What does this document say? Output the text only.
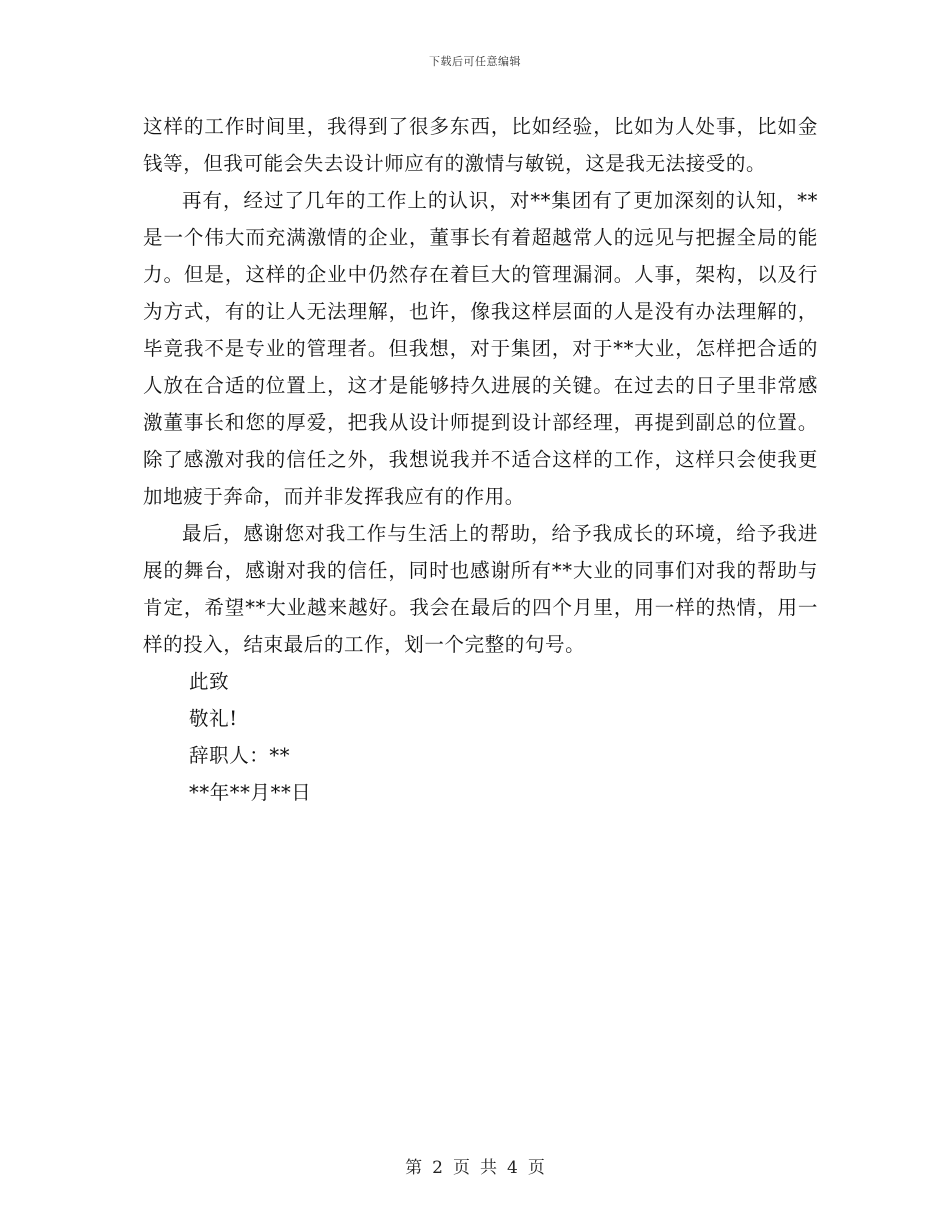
下载后可任意编辑

这样的工作时间里，我得到了很多东西，比如经验，比如为人处事，比如金钱等，但我可能会失去设计师应有的激情与敏锐，这是我无法接受的。

再有，经过了几年的工作上的认识，对**集团有了更加深刻的认知，**是一个伟大而充满激情的企业，董事长有着超越常人的远见与把握全局的能力。但是，这样的企业中仍然存在着巨大的管理漏洞。人事，架构，以及行为方式，有的让人无法理解，也许，像我这样层面的人是没有办法理解的，毕竟我不是专业的管理者。但我想，对于集团，对于**大业，怎样把合适的人放在合适的位置上，这才是能够持久进展的关键。在过去的日子里非常感激董事长和您的厚爱，把我从设计师提到设计部经理，再提到副总的位置。除了感激对我的信任之外，我想说我并不适合这样的工作，这样只会使我更加地疲于奔命，而并非发挥我应有的作用。

最后，感谢您对我工作与生活上的帮助，给予我成长的环境，给予我进展的舞台，感谢对我的信任，同时也感谢所有**大业的同事们对我的帮助与肯定，希望**大业越来越好。我会在最后的四个月里，用一样的热情，用一样的投入，结束最后的工作，划一个完整的句号。

此致

敬礼!

辞职人：**

**年**月**日

第 2 页 共 4 页
